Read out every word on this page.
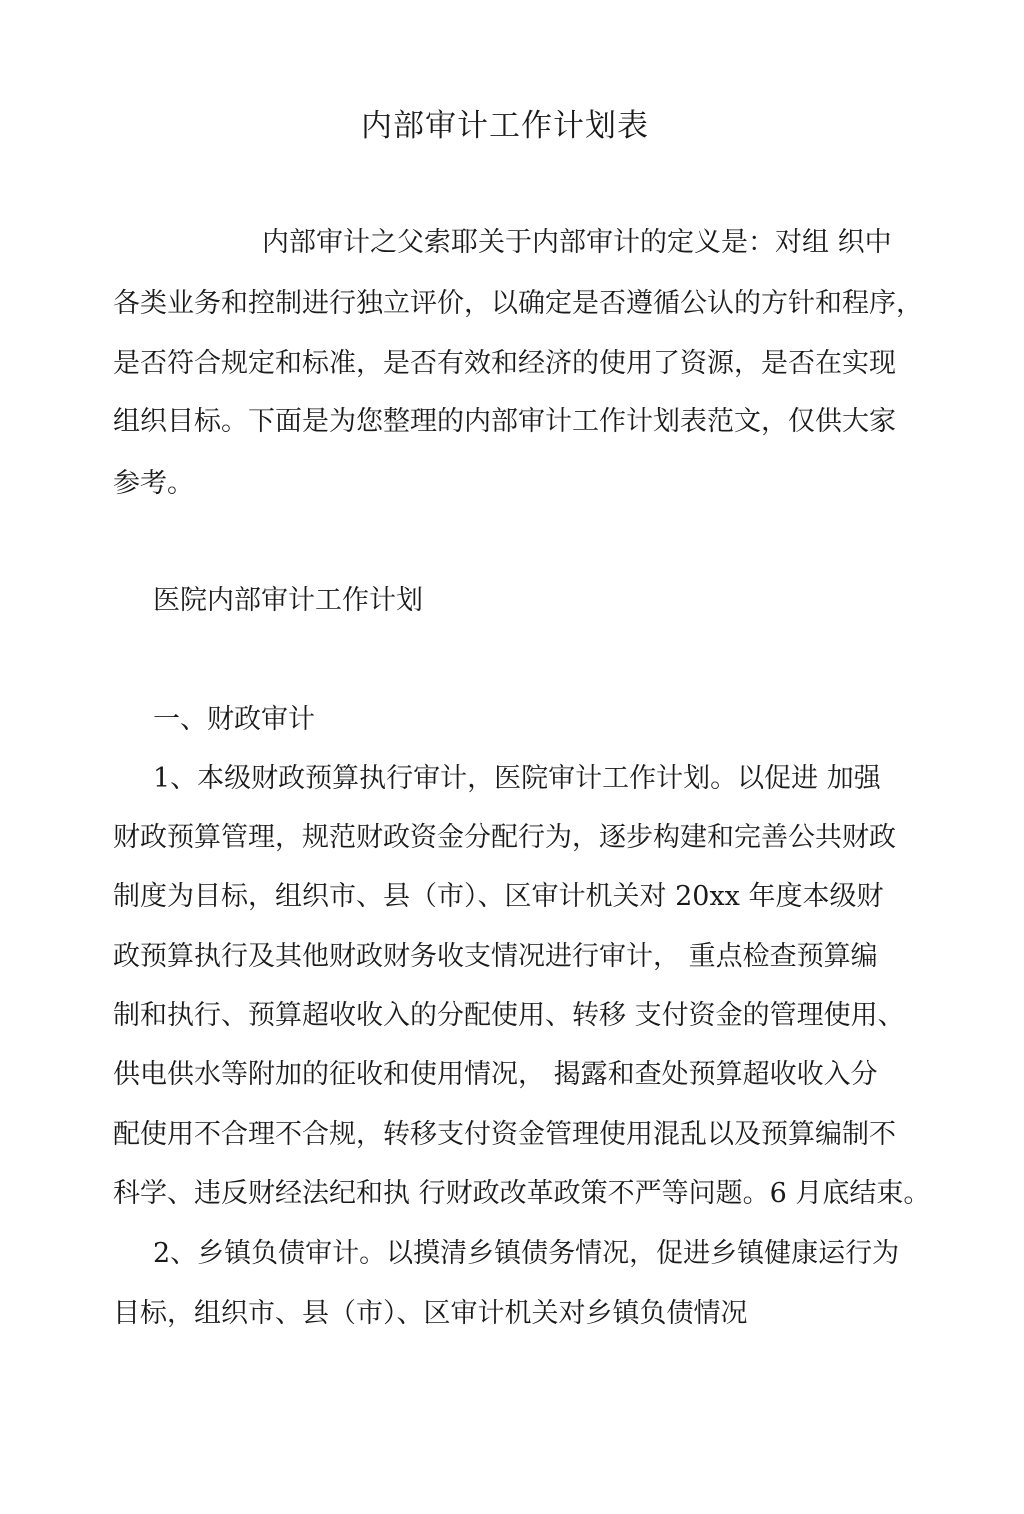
内部审计工作计划表

内部审计之父索耶关于内部审计的定义是：对组 织中

各类业务和控制进行独立评价，以确定是否遵循公认的方针和程序，

是否符合规定和标准，是否有效和经济的使用了资源，是否在实现

组织目标。下面是为您整理的内部审计工作计划表范文，仅供大家

参考。

医院内部审计工作计划

一、财政审计

1、本级财政预算执行审计，医院审计工作计划。以促进 加强

财政预算管理，规范财政资金分配行为，逐步构建和完善公共财政

制度为目标，组织市、县（市）、区审计机关对 20xx 年度本级财

政预算执行及其他财政财务收支情况进行审计， 重点检查预算编

制和执行、预算超收收入的分配使用、转移 支付资金的管理使用、

供电供水等附加的征收和使用情况， 揭露和查处预算超收收入分

配使用不合理不合规，转移支付资金管理使用混乱以及预算编制不

科学、违反财经法纪和执 行财政改革政策不严等问题。6 月底结束。

2、乡镇负债审计。以摸清乡镇债务情况，促进乡镇健康运行为

目标，组织市、县（市）、区审计机关对乡镇负债情况
